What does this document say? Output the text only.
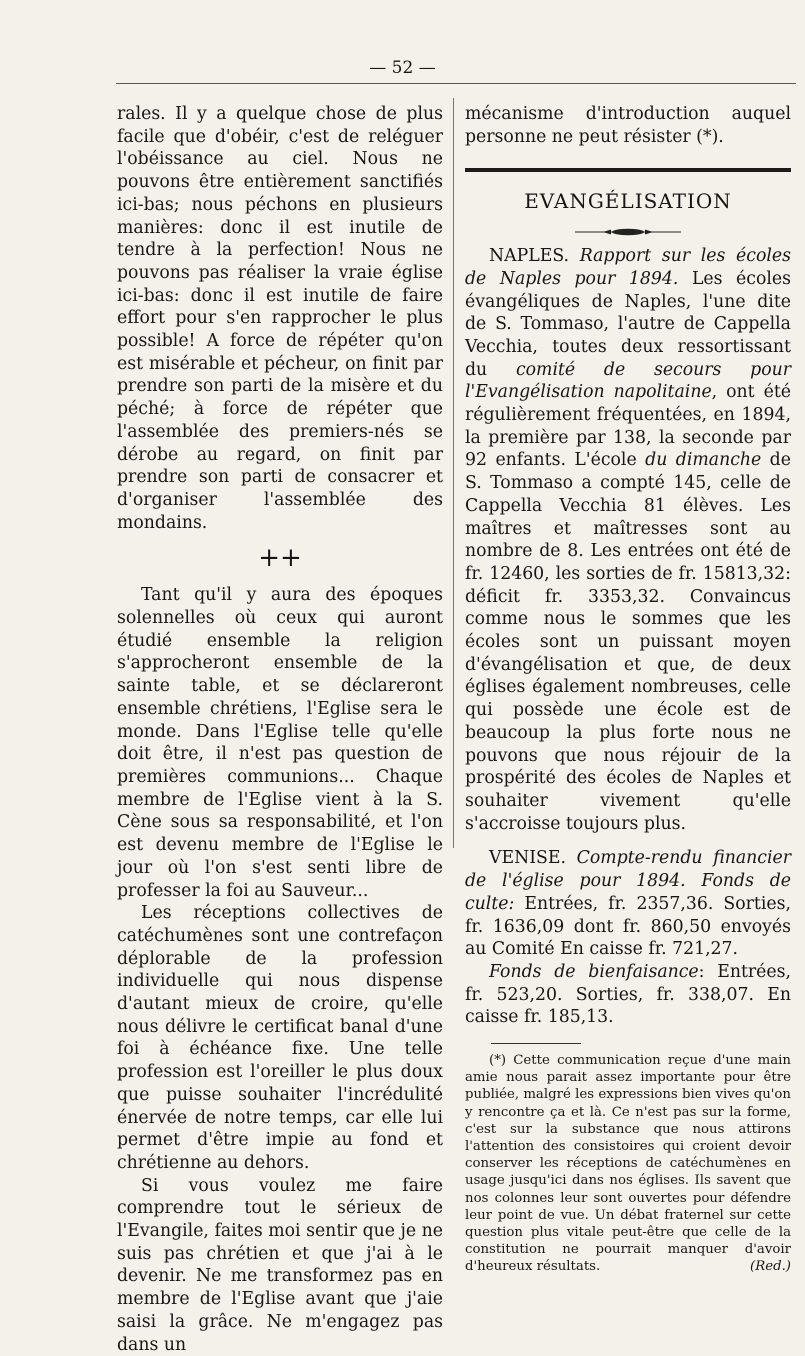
— 52 —

rales. Il y a quelque chose de plus facile que d'obéir, c'est de reléguer l'obéissance au ciel. Nous ne pouvons être entièrement sanctifiés ici-bas; nous péchons en plusieurs manières: donc il est inutile de tendre à la perfection! Nous ne pouvons pas réaliser la vraie église ici-bas: donc il est inutile de faire effort pour s'en rapprocher le plus possible! A force de répéter qu'on est misérable et pécheur, on finit par prendre son parti de la misère et du péché; à force de répéter que l'assemblée des premiers-nés se dérobe au regard, on finit par prendre son parti de consacrer et d'organiser l'assemblée des mondains.

++

Tant qu'il y aura des époques solennelles où ceux qui auront étudié ensemble la religion s'approcheront ensemble de la sainte table, et se déclareront ensemble chrétiens, l'Eglise sera le monde. Dans l'Eglise telle qu'elle doit être, il n'est pas question de premières communions... Chaque membre de l'Eglise vient à la S. Cène sous sa responsabilité, et l'on est devenu membre de l'Eglise le jour où l'on s'est senti libre de professer la foi au Sauveur...

Les réceptions collectives de catéchumènes sont une contrefaçon déplorable de la profession individuelle qui nous dispense d'autant mieux de croire, qu'elle nous délivre le certificat banal d'une foi à échéance fixe. Une telle profession est l'oreiller le plus doux que puisse souhaiter l'incrédulité énervée de notre temps, car elle lui permet d'être impie au fond et chrétienne au dehors.

Si vous voulez me faire comprendre tout le sérieux de l'Evangile, faites moi sentir que je ne suis pas chrétien et que j'ai à le devenir. Ne me transformez pas en membre de l'Eglise avant que j'aie saisi la grâce. Ne m'engagez pas dans un

mécanisme d'introduction auquel personne ne peut résister (*).

EVANGÉLISATION

NAPLES. Rapport sur les écoles de Naples pour 1894. Les écoles évangéliques de Naples, l'une dite de S. Tommaso, l'autre de Cappella Vecchia, toutes deux ressortissant du comité de secours pour l'Evangélisation napolitaine, ont été régulièrement fréquentées, en 1894, la première par 138, la seconde par 92 enfants. L'école du dimanche de S. Tommaso a compté 145, celle de Cappella Vecchia 81 élèves. Les maîtres et maîtresses sont au nombre de 8. Les entrées ont été de fr. 12460, les sorties de fr. 15813,32: déficit fr. 3353,32. Convaincus comme nous le sommes que les écoles sont un puissant moyen d'évangélisation et que, de deux églises également nombreuses, celle qui possède une école est de beaucoup la plus forte nous ne pouvons que nous réjouir de la prospérité des écoles de Naples et souhaiter vivement qu'elle s'accroisse toujours plus.

VENISE. Compte-rendu financier de l'église pour 1894. Fonds de culte: Entrées, fr. 2357,36. Sorties, fr. 1636,09 dont fr. 860,50 envoyés au Comité En caisse fr. 721,27.

Fonds de bienfaisance: Entrées, fr. 523,20. Sorties, fr. 338,07. En caisse fr. 185,13.

(*) Cette communication reçue d'une main amie nous parait assez importante pour être publiée, malgré les expressions bien vives qu'on y rencontre ça et là. Ce n'est pas sur la forme, c'est sur la substance que nous attirons l'attention des consistoires qui croient devoir conserver les réceptions de catéchumènes en usage jusqu'ici dans nos églises. Ils savent que nos colonnes leur sont ouvertes pour défendre leur point de vue. Un débat fraternel sur cette question plus vitale peut-être que celle de la constitution ne pourrait manquer d'avoir d'heureux résultats.	(Red.)
